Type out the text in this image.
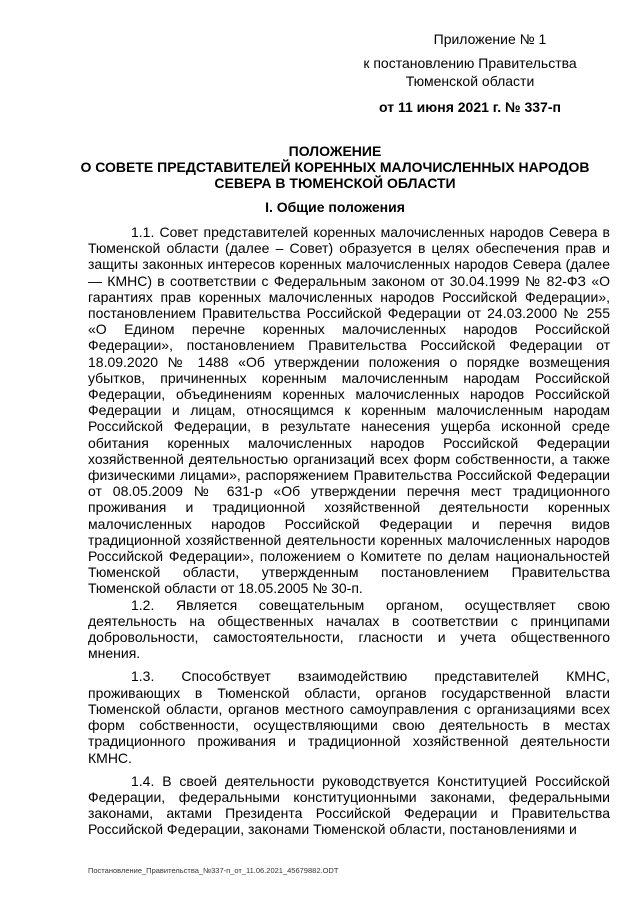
Приложение № 1
к постановлению Правительства
Тюменской области
от 11 июня 2021 г. № 337-п
ПОЛОЖЕНИЕ
О СОВЕТЕ ПРЕДСТАВИТЕЛЕЙ КОРЕННЫХ МАЛОЧИСЛЕННЫХ НАРОДОВ
СЕВЕРА В ТЮМЕНСКОЙ ОБЛАСТИ
I. Общие положения

1.1. Совет представителей коренных малочисленных народов Севера в Тюменской области (далее – Совет) образуется в целях обеспечения прав и защиты законных интересов коренных малочисленных народов Севера (далее — КМНС) в соответствии с Федеральным законом от 30.04.1999 № 82-ФЗ «О гарантиях прав коренных малочисленных народов Российской Федерации», постановлением Правительства Российской Федерации от 24.03.2000 № 255 «О Едином перечне коренных малочисленных народов Российской Федерации», постановлением Правительства Российской Федерации от 18.09.2020 № 1488 «Об утверждении положения о порядке возмещения убытков, причиненных коренным малочисленным народам Российской Федерации, объединениям коренных малочисленных народов Российской Федерации и лицам, относящимся к коренным малочисленным народам Российской Федерации, в результате нанесения ущерба исконной среде обитания коренных малочисленных народов Российской Федерации хозяйственной деятельностью организаций всех форм собственности, а также физическими лицами», распоряжением Правительства Российской Федерации от 08.05.2009 № 631-р «Об утверждении перечня мест традиционного проживания и традиционной хозяйственной деятельности коренных малочисленных народов Российской Федерации и перечня видов традиционной хозяйственной деятельности коренных малочисленных народов Российской Федерации», положением о Комитете по делам национальностей Тюменской области, утвержденным постановлением Правительства Тюменской области от 18.05.2005 № 30-п.

1.2. Является совещательным органом, осуществляет свою деятельность на общественных началах в соответствии с принципами добровольности, самостоятельности, гласности и учета общественного мнения.

1.3. Способствует взаимодействию представителей КМНС, проживающих в Тюменской области, органов государственной власти Тюменской области, органов местного самоуправления с организациями всех форм собственности, осуществляющими свою деятельность в местах традиционного проживания и традиционной хозяйственной деятельности КМНС.

1.4. В своей деятельности руководствуется Конституцией Российской Федерации, федеральными конституционными законами, федеральными законами, актами Президента Российской Федерации и Правительства Российской Федерации, законами Тюменской области, постановлениями и

Постановление_Правительства_№337-п_от_11.06.2021_45679882.ODT
